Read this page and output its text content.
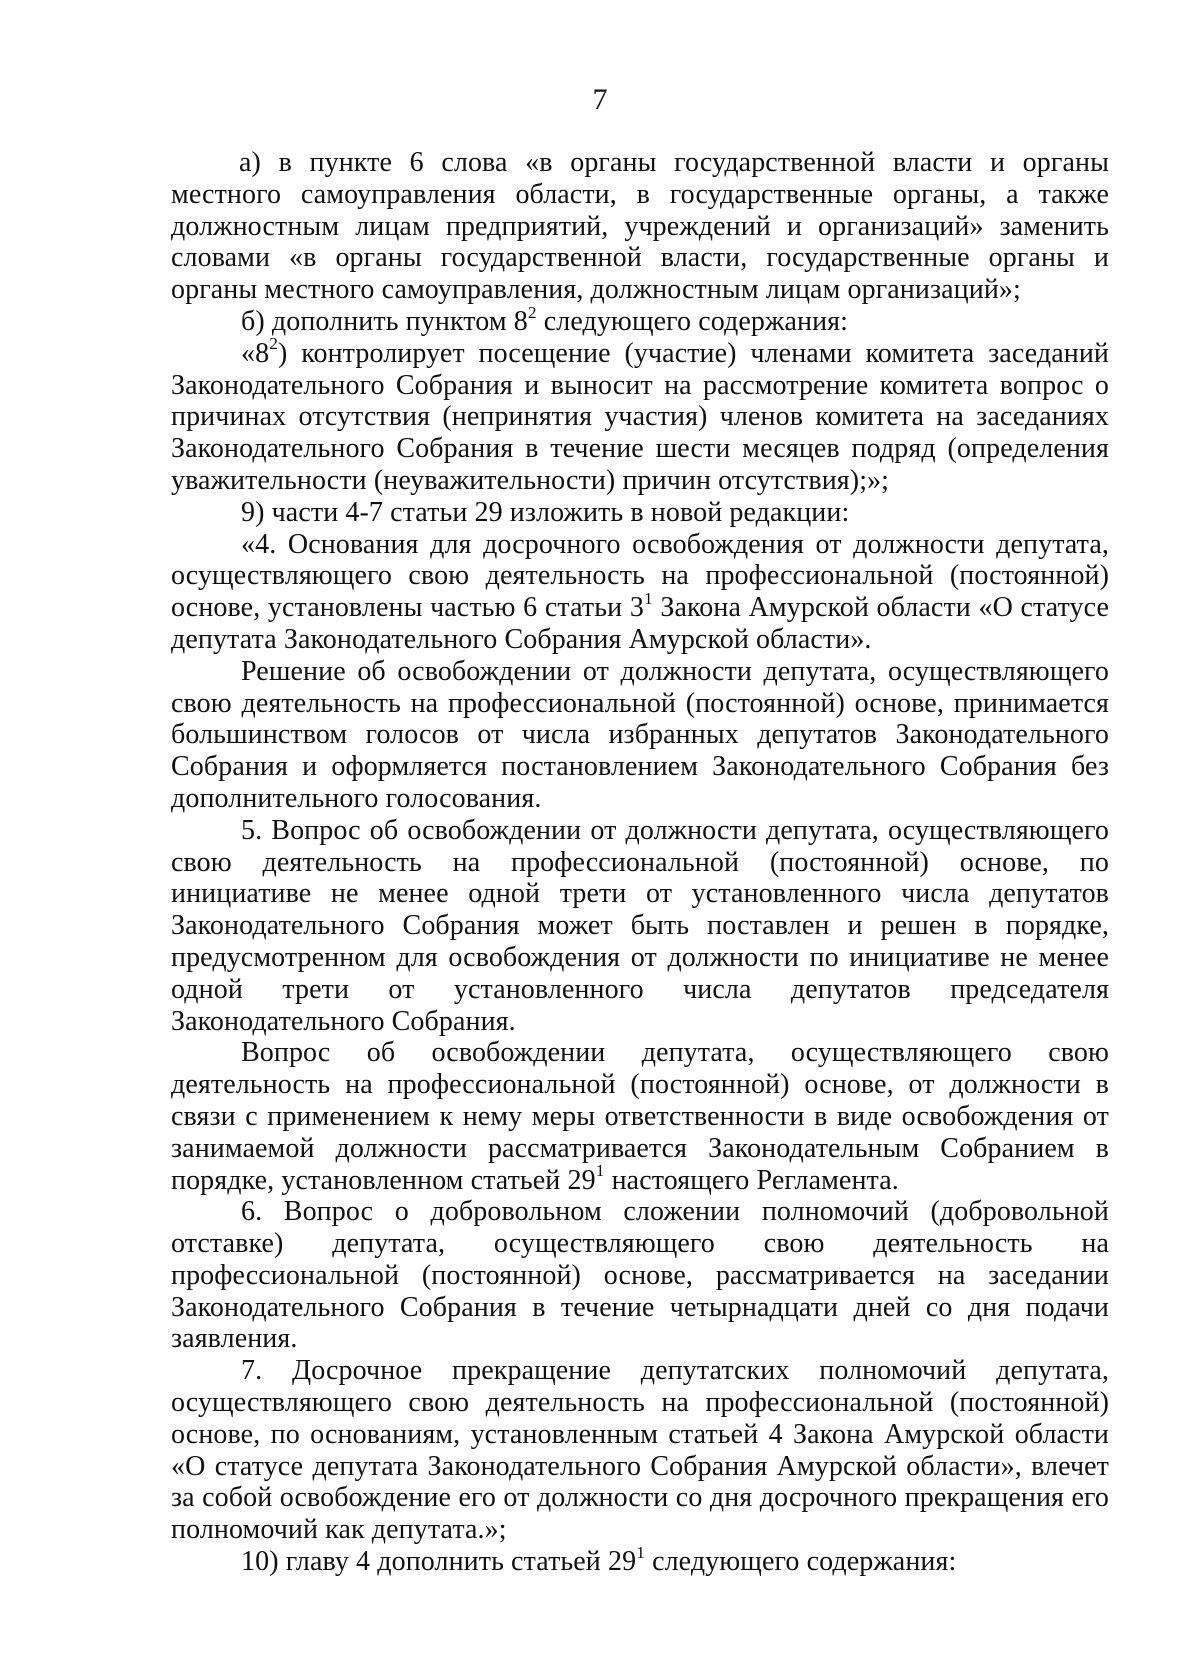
7

а) в пункте 6 слова «в органы государственной власти и органы местного самоуправления области, в государственные органы, а также должностным лицам предприятий, учреждений и организаций» заменить словами «в органы государственной власти, государственные органы и органы местного самоуправления, должностным лицам организаций»;

б) дополнить пунктом $8^2$ следующего содержания:

«$8^2$) контролирует посещение (участие) членами комитета заседаний Законодательного Собрания и выносит на рассмотрение комитета вопрос о причинах отсутствия (непринятия участия) членов комитета на заседаниях Законодательного Собрания в течение шести месяцев подряд (определения уважительности (неуважительности) причин отсутствия);»;

9) части 4-7 статьи 29 изложить в новой редакции:

«4. Основания для досрочного освобождения от должности депутата, осуществляющего свою деятельность на профессиональной (постоянной) основе, установлены частью 6 статьи $3^1$ Закона Амурской области «О статусе депутата Законодательного Собрания Амурской области».

Решение об освобождении от должности депутата, осуществляющего свою деятельность на профессиональной (постоянной) основе, принимается большинством голосов от числа избранных депутатов Законодательного Собрания и оформляется постановлением Законодательного Собрания без дополнительного голосования.

5. Вопрос об освобождении от должности депутата, осуществляющего свою деятельность на профессиональной (постоянной) основе, по инициативе не менее одной трети от установленного числа депутатов Законодательного Собрания может быть поставлен и решен в порядке, предусмотренном для освобождения от должности по инициативе не менее одной трети от установленного числа депутатов председателя Законодательного Собрания.

Вопрос об освобождении депутата, осуществляющего свою деятельность на профессиональной (постоянной) основе, от должности в связи с применением к нему меры ответственности в виде освобождения от занимаемой должности рассматривается Законодательным Собранием в порядке, установленном статьей $29^1$ настоящего Регламента.

6. Вопрос о добровольном сложении полномочий (добровольной отставке) депутата, осуществляющего свою деятельность на профессиональной (постоянной) основе, рассматривается на заседании Законодательного Собрания в течение четырнадцати дней со дня подачи заявления.

7. Досрочное прекращение депутатских полномочий депутата, осуществляющего свою деятельность на профессиональной (постоянной) основе, по основаниям, установленным статьей 4 Закона Амурской области «О статусе депутата Законодательного Собрания Амурской области», влечет за собой освобождение его от должности со дня досрочного прекращения его полномочий как депутата.»;

10) главу 4 дополнить статьей $29^1$ следующего содержания:
